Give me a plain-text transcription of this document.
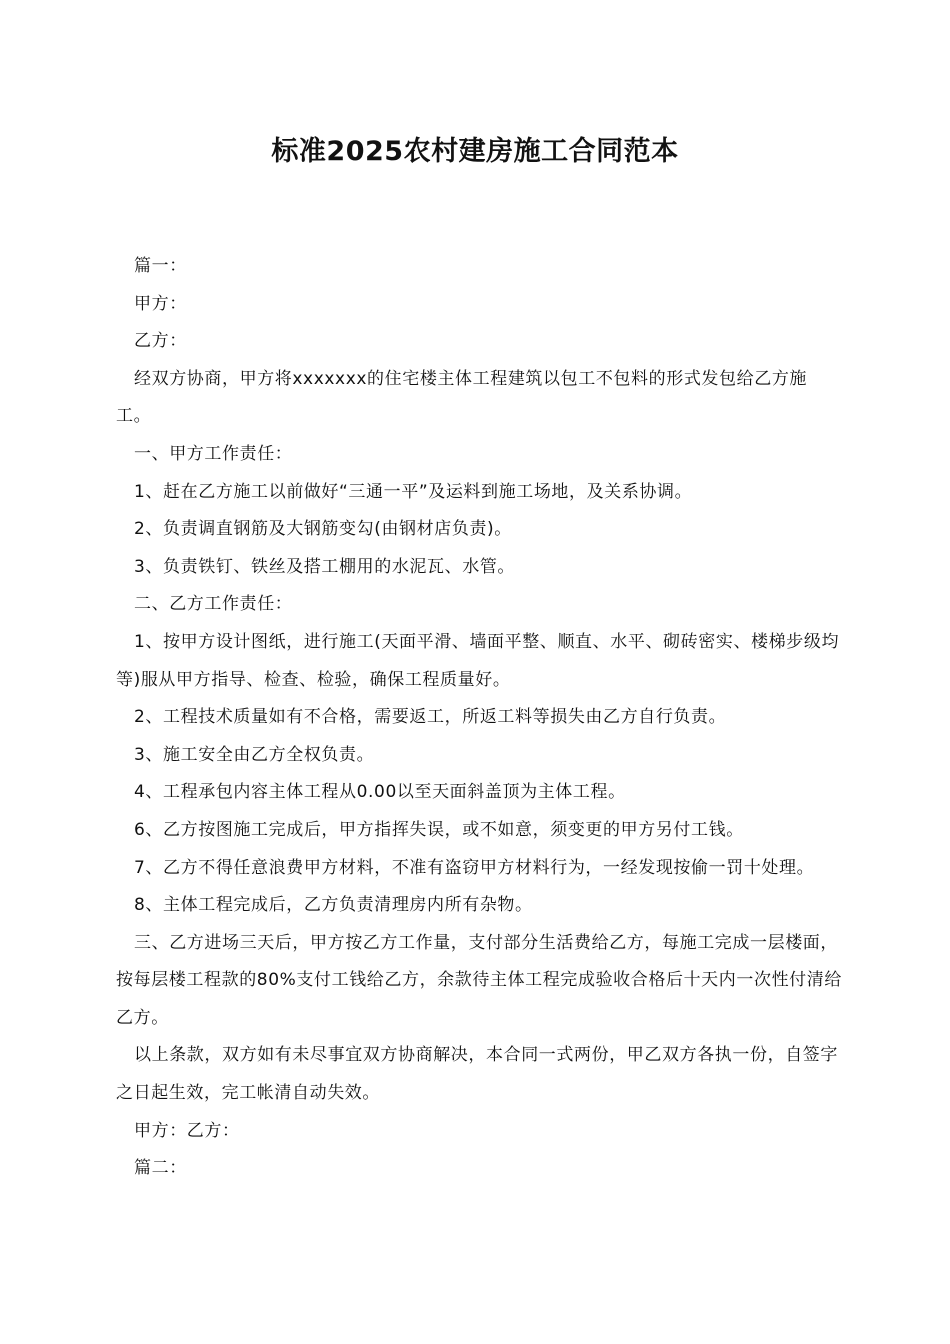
标准2025农村建房施工合同范本

篇一：

甲方：

乙方：

经双方协商，甲方将xxxxxxx的住宅楼主体工程建筑以包工不包料的形式发包给乙方施工。

一、甲方工作责任：

1、赶在乙方施工以前做好“三通一平”及运料到施工场地，及关系协调。

2、负责调直钢筋及大钢筋变勾(由钢材店负责)。

3、负责铁钉、铁丝及搭工棚用的水泥瓦、水管。

二、乙方工作责任：

1、按甲方设计图纸，进行施工(天面平滑、墙面平整、顺直、水平、砌砖密实、楼梯步级均等)服从甲方指导、检查、检验，确保工程质量好。

2、工程技术质量如有不合格，需要返工，所返工料等损失由乙方自行负责。

3、施工安全由乙方全权负责。

4、工程承包内容主体工程从0.00以至天面斜盖顶为主体工程。

6、乙方按图施工完成后，甲方指挥失误，或不如意，须变更的甲方另付工钱。

7、乙方不得任意浪费甲方材料，不准有盗窃甲方材料行为，一经发现按偷一罚十处理。

8、主体工程完成后，乙方负责清理房内所有杂物。

三、乙方进场三天后，甲方按乙方工作量，支付部分生活费给乙方，每施工完成一层楼面，按每层楼工程款的80%支付工钱给乙方，余款待主体工程完成验收合格后十天内一次性付清给乙方。

以上条款，双方如有未尽事宜双方协商解决，本合同一式两份，甲乙双方各执一份，自签字之日起生效，完工帐清自动失效。

甲方：乙方：

篇二：
